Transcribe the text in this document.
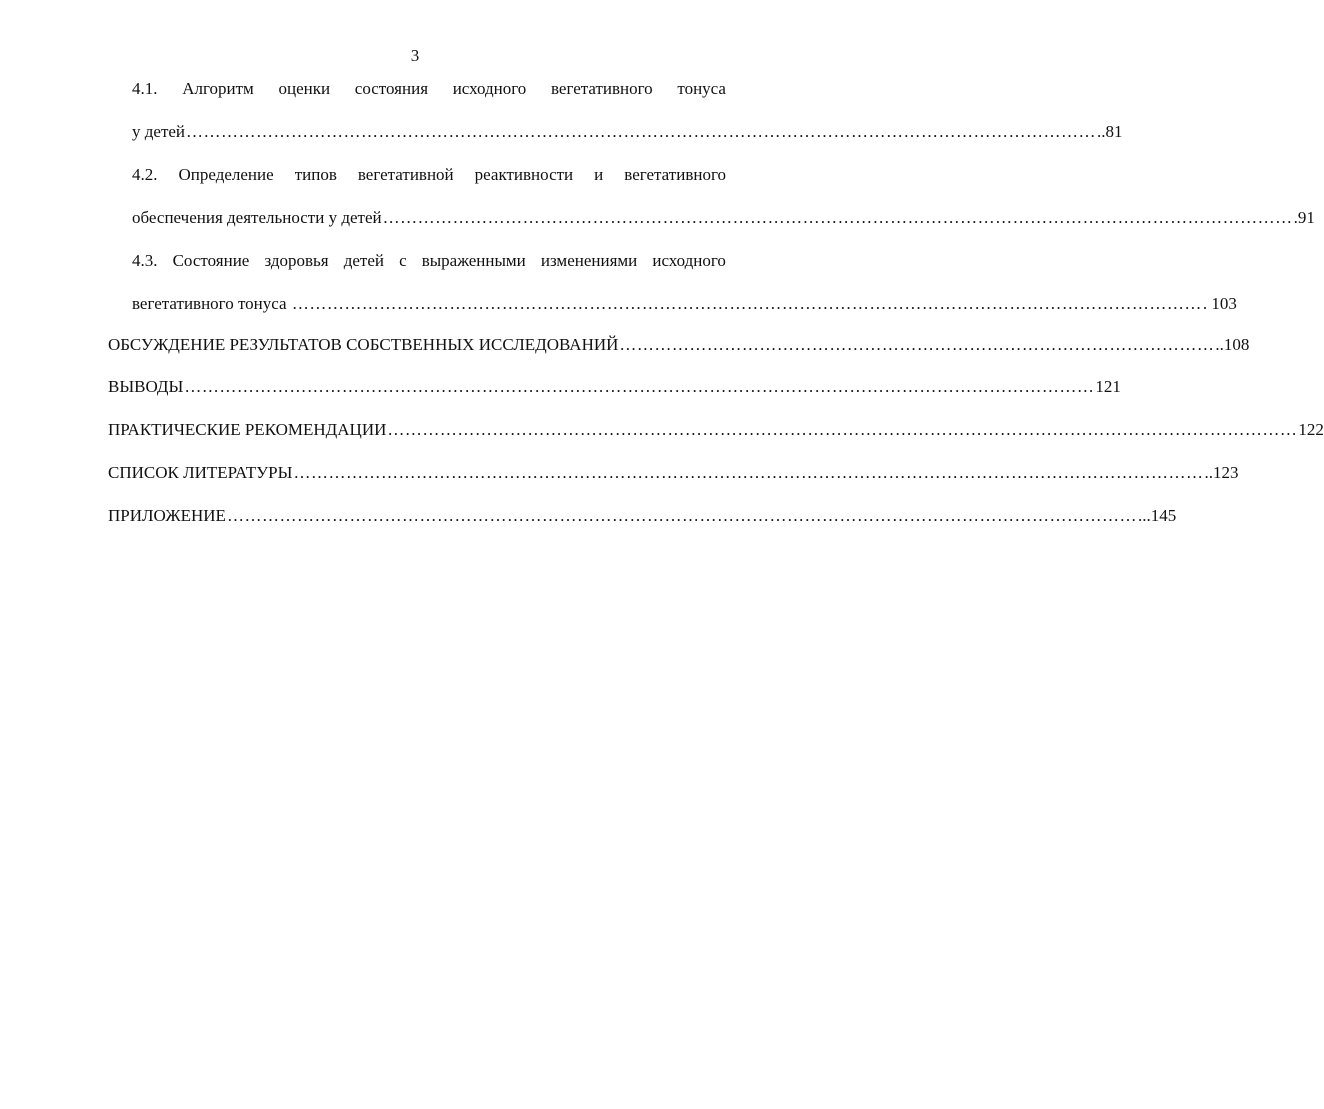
3
4.1. Алгоритм оценки состояния исходного вегетативного тонуса
у детей ………………………………………………………………………………………………………………………………………… ..81
4.2. Определение типов вегетативной реактивности и вегетативного
обеспечения деятельности у детей ………………………………………………………………………………………………………………………………………… .91
4.3. Состояние здоровья детей с выраженными изменениями исходного
вегетативного тонуса ………………………………………………………………………………………………………………………………………… . 103
ОБСУЖДЕНИЕ РЕЗУЛЬТАТОВ СОБСТВЕННЫХ ИССЛЕДОВАНИЙ ………………………………………………………………………………………… ..108
ВЫВОДЫ ………………………………………………………………………………………………………………………………………… 121
ПРАКТИЧЕСКИЕ РЕКОМЕНДАЦИИ ………………………………………………………………………………………………………………………………………… 122
СПИСОК ЛИТЕРАТУРЫ ………………………………………………………………………………………………………………………………………… ..123
ПРИЛОЖЕНИЕ ………………………………………………………………………………………………………………………………………… ...145
